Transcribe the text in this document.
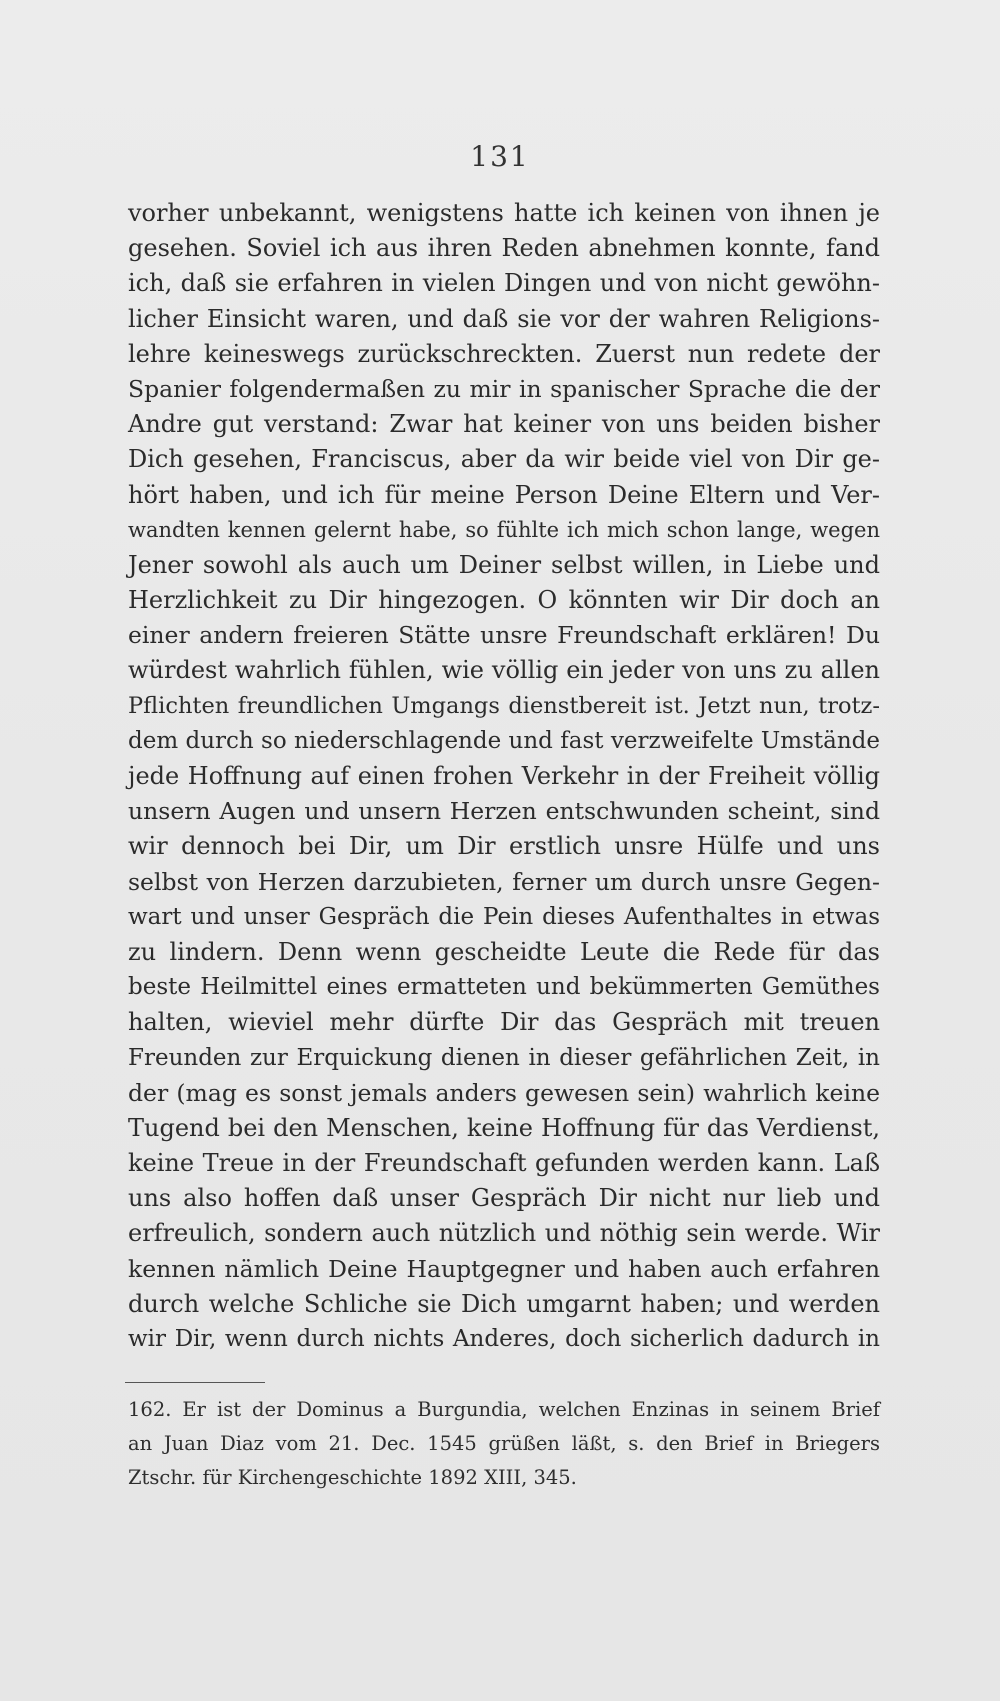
131
vorher unbekannt, wenigstens hatte ich keinen von ihnen je
gesehen. Soviel ich aus ihren Reden abnehmen konnte, fand
ich, daß sie erfahren in vielen Dingen und von nicht gewöhn-
licher Einsicht waren, und daß sie vor der wahren Religions-
lehre keineswegs zurückschreckten. Zuerst nun redete der
Spanier folgendermaßen zu mir in spanischer Sprache die der
Andre gut verstand: Zwar hat keiner von uns beiden bisher
Dich gesehen, Franciscus, aber da wir beide viel von Dir ge-
hört haben, und ich für meine Person Deine Eltern und Ver-
wandten kennen gelernt habe, so fühlte ich mich schon lange, wegen
Jener sowohl als auch um Deiner selbst willen, in Liebe und
Herzlichkeit zu Dir hingezogen. O könnten wir Dir doch an
einer andern freieren Stätte unsre Freundschaft erklären! Du
würdest wahrlich fühlen, wie völlig ein jeder von uns zu allen
Pflichten freundlichen Umgangs dienstbereit ist. Jetzt nun, trotz-
dem durch so niederschlagende und fast verzweifelte Umstände
jede Hoffnung auf einen frohen Verkehr in der Freiheit völlig
unsern Augen und unsern Herzen entschwunden scheint, sind
wir dennoch bei Dir, um Dir erstlich unsre Hülfe und uns
selbst von Herzen darzubieten, ferner um durch unsre Gegen-
wart und unser Gespräch die Pein dieses Aufenthaltes in etwas
zu lindern. Denn wenn gescheidte Leute die Rede für das
beste Heilmittel eines ermatteten und bekümmerten Gemüthes
halten, wieviel mehr dürfte Dir das Gespräch mit treuen
Freunden zur Erquickung dienen in dieser gefährlichen Zeit, in
der (mag es sonst jemals anders gewesen sein) wahrlich keine
Tugend bei den Menschen, keine Hoffnung für das Verdienst,
keine Treue in der Freundschaft gefunden werden kann. Laß
uns also hoffen daß unser Gespräch Dir nicht nur lieb und
erfreulich, sondern auch nützlich und nöthig sein werde. Wir
kennen nämlich Deine Hauptgegner und haben auch erfahren
durch welche Schliche sie Dich umgarnt haben; und werden
wir Dir, wenn durch nichts Anderes, doch sicherlich dadurch in
162. Er ist der Dominus a Burgundia, welchen Enzinas in seinem Brief
an Juan Diaz vom 21. Dec. 1545 grüßen läßt, s. den Brief in Briegers
Ztschr. für Kirchengeschichte 1892 XIII, 345.
